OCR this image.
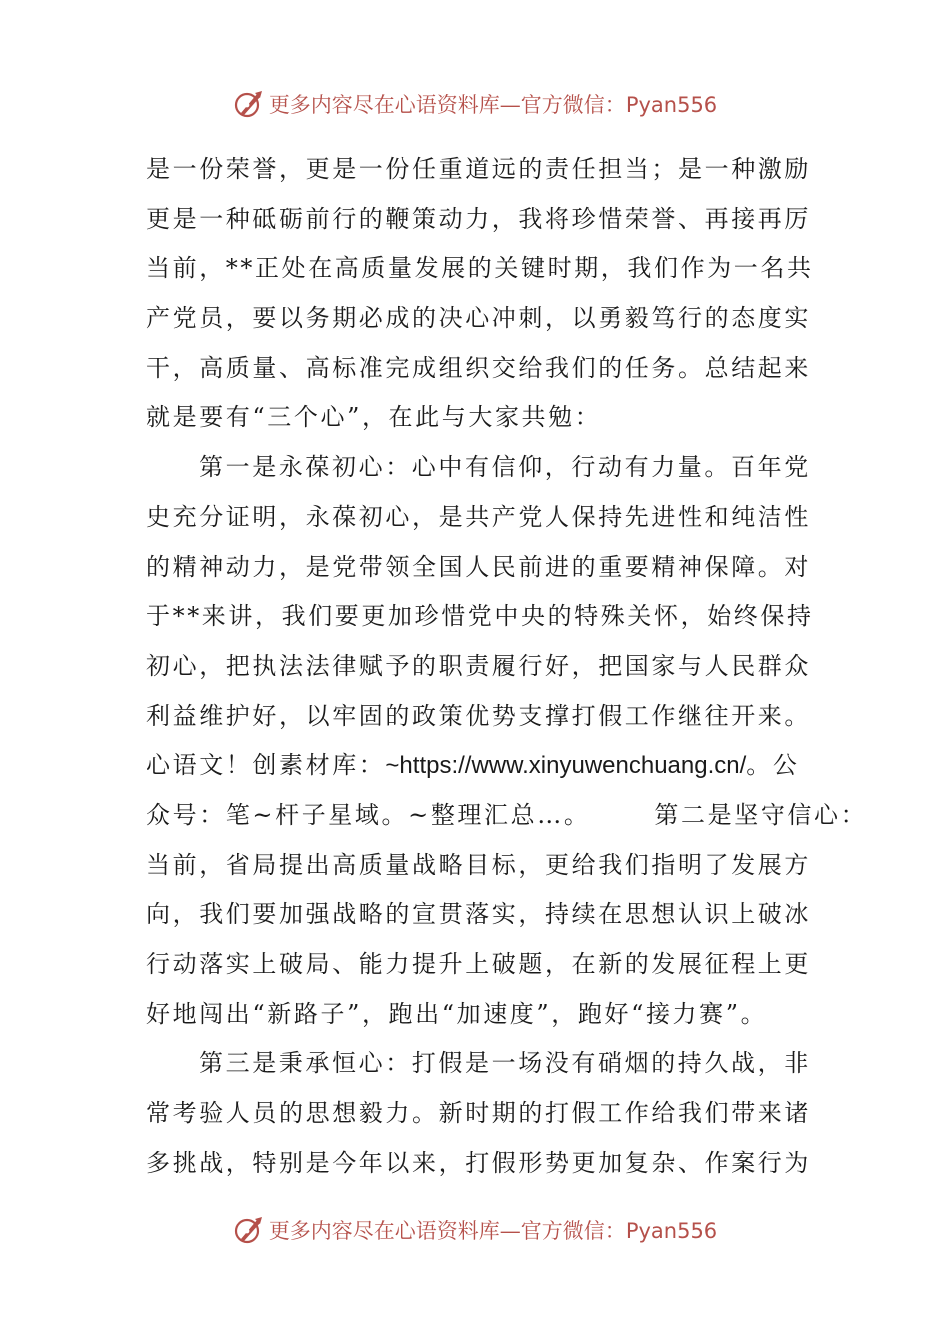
更多内容尽在心语资料库—官方微信：Pyan556
是一份荣誉，更是一份任重道远的责任担当；是一种激励
更是一种砥砺前行的鞭策动力，我将珍惜荣誉、再接再厉
当前，**正处在高质量发展的关键时期，我们作为一名共
产党员，要以务期必成的决心冲刺，以勇毅笃行的态度实
干，高质量、高标准完成组织交给我们的任务。总结起来
就是要有“三个心”，在此与大家共勉：
第一是永葆初心：心中有信仰，行动有力量。百年党
史充分证明，永葆初心，是共产党人保持先进性和纯洁性
的精神动力，是党带领全国人民前进的重要精神保障。对
于**来讲，我们要更加珍惜党中央的特殊关怀，始终保持
初心，把执法法律赋予的职责履行好，把国家与人民群众
利益维护好，以牢固的政策优势支撑打假工作继往开来。
心语文！创素材库：~https://www.xinyuwenchuang.cn/。公
众号：笔~杆子星域。~整理汇总…。	第二是坚守信心：
当前，省局提出高质量战略目标，更给我们指明了发展方
向，我们要加强战略的宣贯落实，持续在思想认识上破冰
行动落实上破局、能力提升上破题，在新的发展征程上更
好地闯出“新路子”，跑出“加速度”，跑好“接力赛”。
第三是秉承恒心：打假是一场没有硝烟的持久战，非
常考验人员的思想毅力。新时期的打假工作给我们带来诸
多挑战，特别是今年以来，打假形势更加复杂、作案行为
更多内容尽在心语资料库—官方微信：Pyan556
